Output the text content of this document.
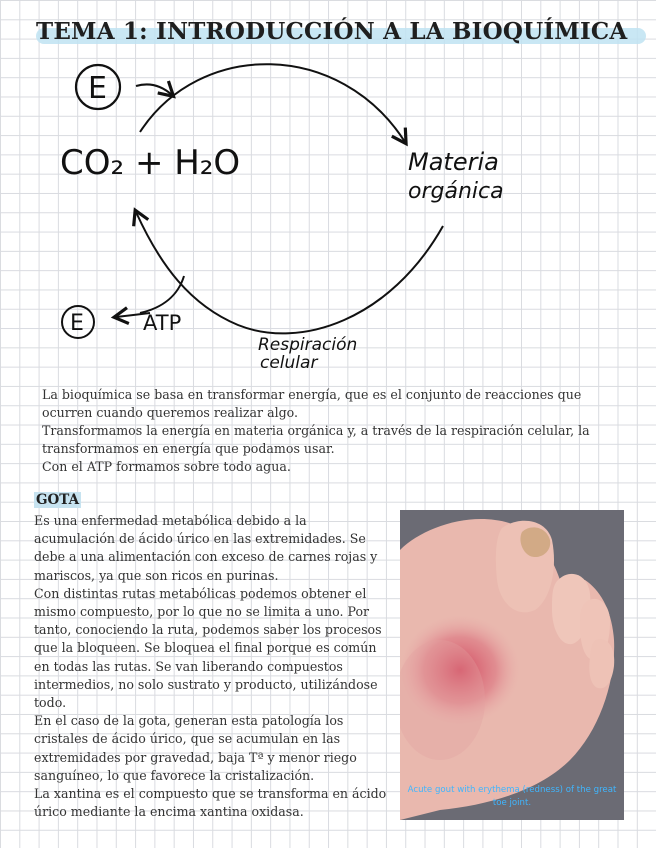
TEMA 1: INTRODUCCIÓN A LA BIOQUÍMICA
E
CO₂ + H₂O	Materia
orgánica
E	ATP
Respiración
celular

La bioquímica se basa en transformar energía, que es el conjunto de reacciones que ocurren cuando queremos realizar algo.

Transformamos la energía en materia orgánica y, a través de la respiración celular, la transformamos en energía que podamos usar.

Con el ATP formamos sobre todo agua.

GOTA

Es una enfermedad metabólica debido a la acumulación de ácido úrico en las extremidades. Se debe a una alimentación con exceso de carnes rojas y mariscos, ya que son ricos en purinas.

Con distintas rutas metabólicas podemos obtener el mismo compuesto, por lo que no se limita a uno. Por tanto, conociendo la ruta, podemos saber los procesos que la bloqueen. Se bloquea el final porque es común en todas las rutas. Se van liberando compuestos intermedios, no solo sustrato y producto, utilizándose todo.

En el caso de la gota, generan esta patología los cristales de ácido úrico, que se acumulan en las extremidades por gravedad, baja Tª y menor riego sanguíneo, lo que favorece la cristalización.

La xantina es el compuesto que se transforma en ácido úrico mediante la encima xantina oxidasa.

Acute gout with erythema (redness) of the great toe joint.
